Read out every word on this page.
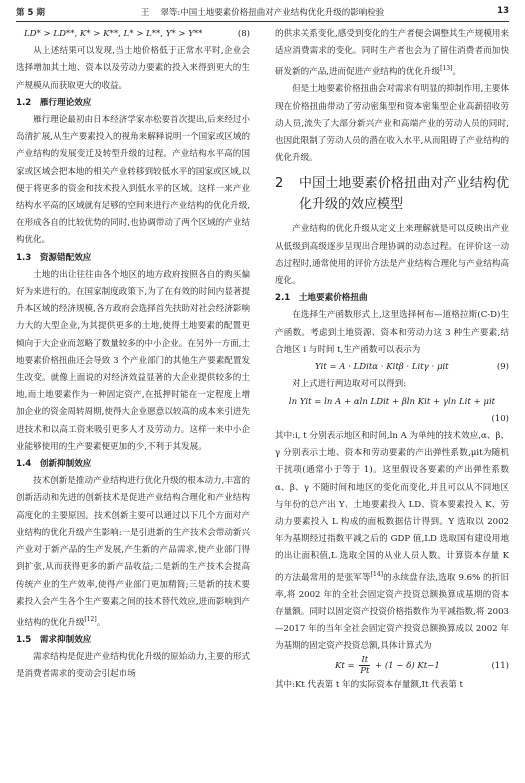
第 5 期	王　 翠等:中国土地要素价格扭曲对产业结构优化升级的影响检验	13
LD* > LD**, K* > K**, L* > L**, Y* > Y**	(8)

从上述结果可以发现,当土地价格低于正常水平时,企业会选择增加其土地、资本以及劳动力要素的投入来得到更大的生产规模从而获取更大的收益。

1.2　雁行理论效应

雁行理论最初由日本经济学家赤松要首次提出,后来经过小岛清扩展,从生产要素投入的视角来解释说明一个国家或区域的产业结构的发展变迁及转型升级的过程。产业结构水平高的国家或区域会把本地的相关产业转移到较低水平的国家或区域,以便于将更多的资金和技术投入到低水平的区域。这样一来产业结构水平高的区域就有足够的空间来进行产业结构的优化升级,在形成各自的比较优势的同时,也协调带动了两个区域的产业结构优化。

1.3　资源错配效应

土地的出让往往由各个地区的地方政府按照各自的购买偏好为来进行的。在国家制度政策下,为了在有效的时间内显著提升本区域的经济规模,各方政府会选择首先扶助对社会经济影响力大的大型企业,为其提供更多的土地,使得土地要素的配置更倾向于大企业而忽略了数量较多的中小企业。在另外一方面,土地要素价格扭曲还会导致 3 个产业部门的其他生产要素配置发生改变。就像上面说的对经济效益显著的大企业提供较多的土地,而土地要素作为一种固定资产,在抵押时能在一定程度上增加企业的资金周转周期,使得大企业愿意以较高的成本来引进先进技术和以高工资来吸引更多人才及劳动力。这样一来中小企业能够使用的生产要素便更加的少,不利于其发展。

1.4　创新抑制效应

技术创新是推动产业结构进行优化升级的根本动力,丰富的创新活动和先进的创新技术是促进产业结构合理化和产业结构高度化的主要原因。技术创新主要可以通过以下几个方面对产业结构的优化升级产生影响:一是引进新的生产技术会带动新兴产业对于新产品的生产发展,产生新的产品需求,使产业部门得到扩张,从而获得更多的新产品收益;二是新的生产技术会提高传统产业的生产效率,使得产业部门更加精简;三是新的技术要素投入会产生各个生产要素之间的技术替代效应,进而影响到产业结构的优化升级[12]。

1.5　需求抑制效应

需求结构是促进产业结构优化升级的原始动力,主要的形式是消费者需求的变动会引起市场

的供求关系变化,感受到变化的生产者便会调整其生产规模用来适应消费需求的变化。同时生产者也会为了留住消费者而加快研发新的产品,进而促进产业结构的优化升级[13]。

但是土地要素价格扭曲会对需求有明显的抑制作用,主要体现在价格扭曲带动了劳动密集型和资本密集型企业高薪招收劳动人员,流失了大部分新兴产业和高端产业的劳动人员的同时,也因此限制了劳动人员的潜在收入水平,从而阻碍了产业结构的优化升级。

2 中国土地要素价格扭曲对产业结构优化升级的效应模型

产业结构的优化升级从定义上来理解就是可以反映出产业从低级到高级逐步呈现出合理协调的动态过程。在评价这一动态过程时,通常使用的评价方法是产业结构合理化与产业结构高度化。

2.1　土地要素价格扭曲

在选择生产函数形式上,这里选择柯布—道格拉斯(C-D)生产函数。考虑到土地资源、资本和劳动力这 3 种生产要素,结合地区 i 与时间 t,生产函数可以表示为

Yit = A · LDitα · Kitβ · Litγ · μit	(9)

对上式进行两边取对可以得到:

ln Yit = ln A + αln LDit + βln Kit + γln Lit + μit
(10)

其中:i, t 分别表示地区和时间,ln A 为单纯的技术效应,α、β、γ 分别表示土地、资本和劳动要素的产出弹性系数,μit为随机干扰项(通常小于等于 1)。这里假设各要素的产出弹性系数 α、β、γ 不随时间和地区的变化而变化,并且可以从不同地区与年份的总产出 Y、土地要素投入 LD、资本要素投入 K、劳动力要素投入 L 构成的面板数据估计得到。Y 选取以 2002 年为基期经过指数平减之后的 GDP 值,LD 选取国有建设用地的出让面积值,L 选取全国的从业人员人数。计算资本存量 K 的方法最常用的是张军等[14]的永续盘存法,选取 9.6% 的折旧率,将 2002 年的全社会固定资产投资总额换算成基期的资本存量额。同时以固定资产投资价格指数作为平减指数,将 2003—2017 年的当年全社会固定资产投资总额换算成以 2002 年为基期的固定资产投资总额,具体计算式为

$Kt = \frac{It}{Pt} + (1 - \delta)$ Kt−1	(11)

其中:Kt 代表第 t 年的实际资本存量额,It 代表第 t
